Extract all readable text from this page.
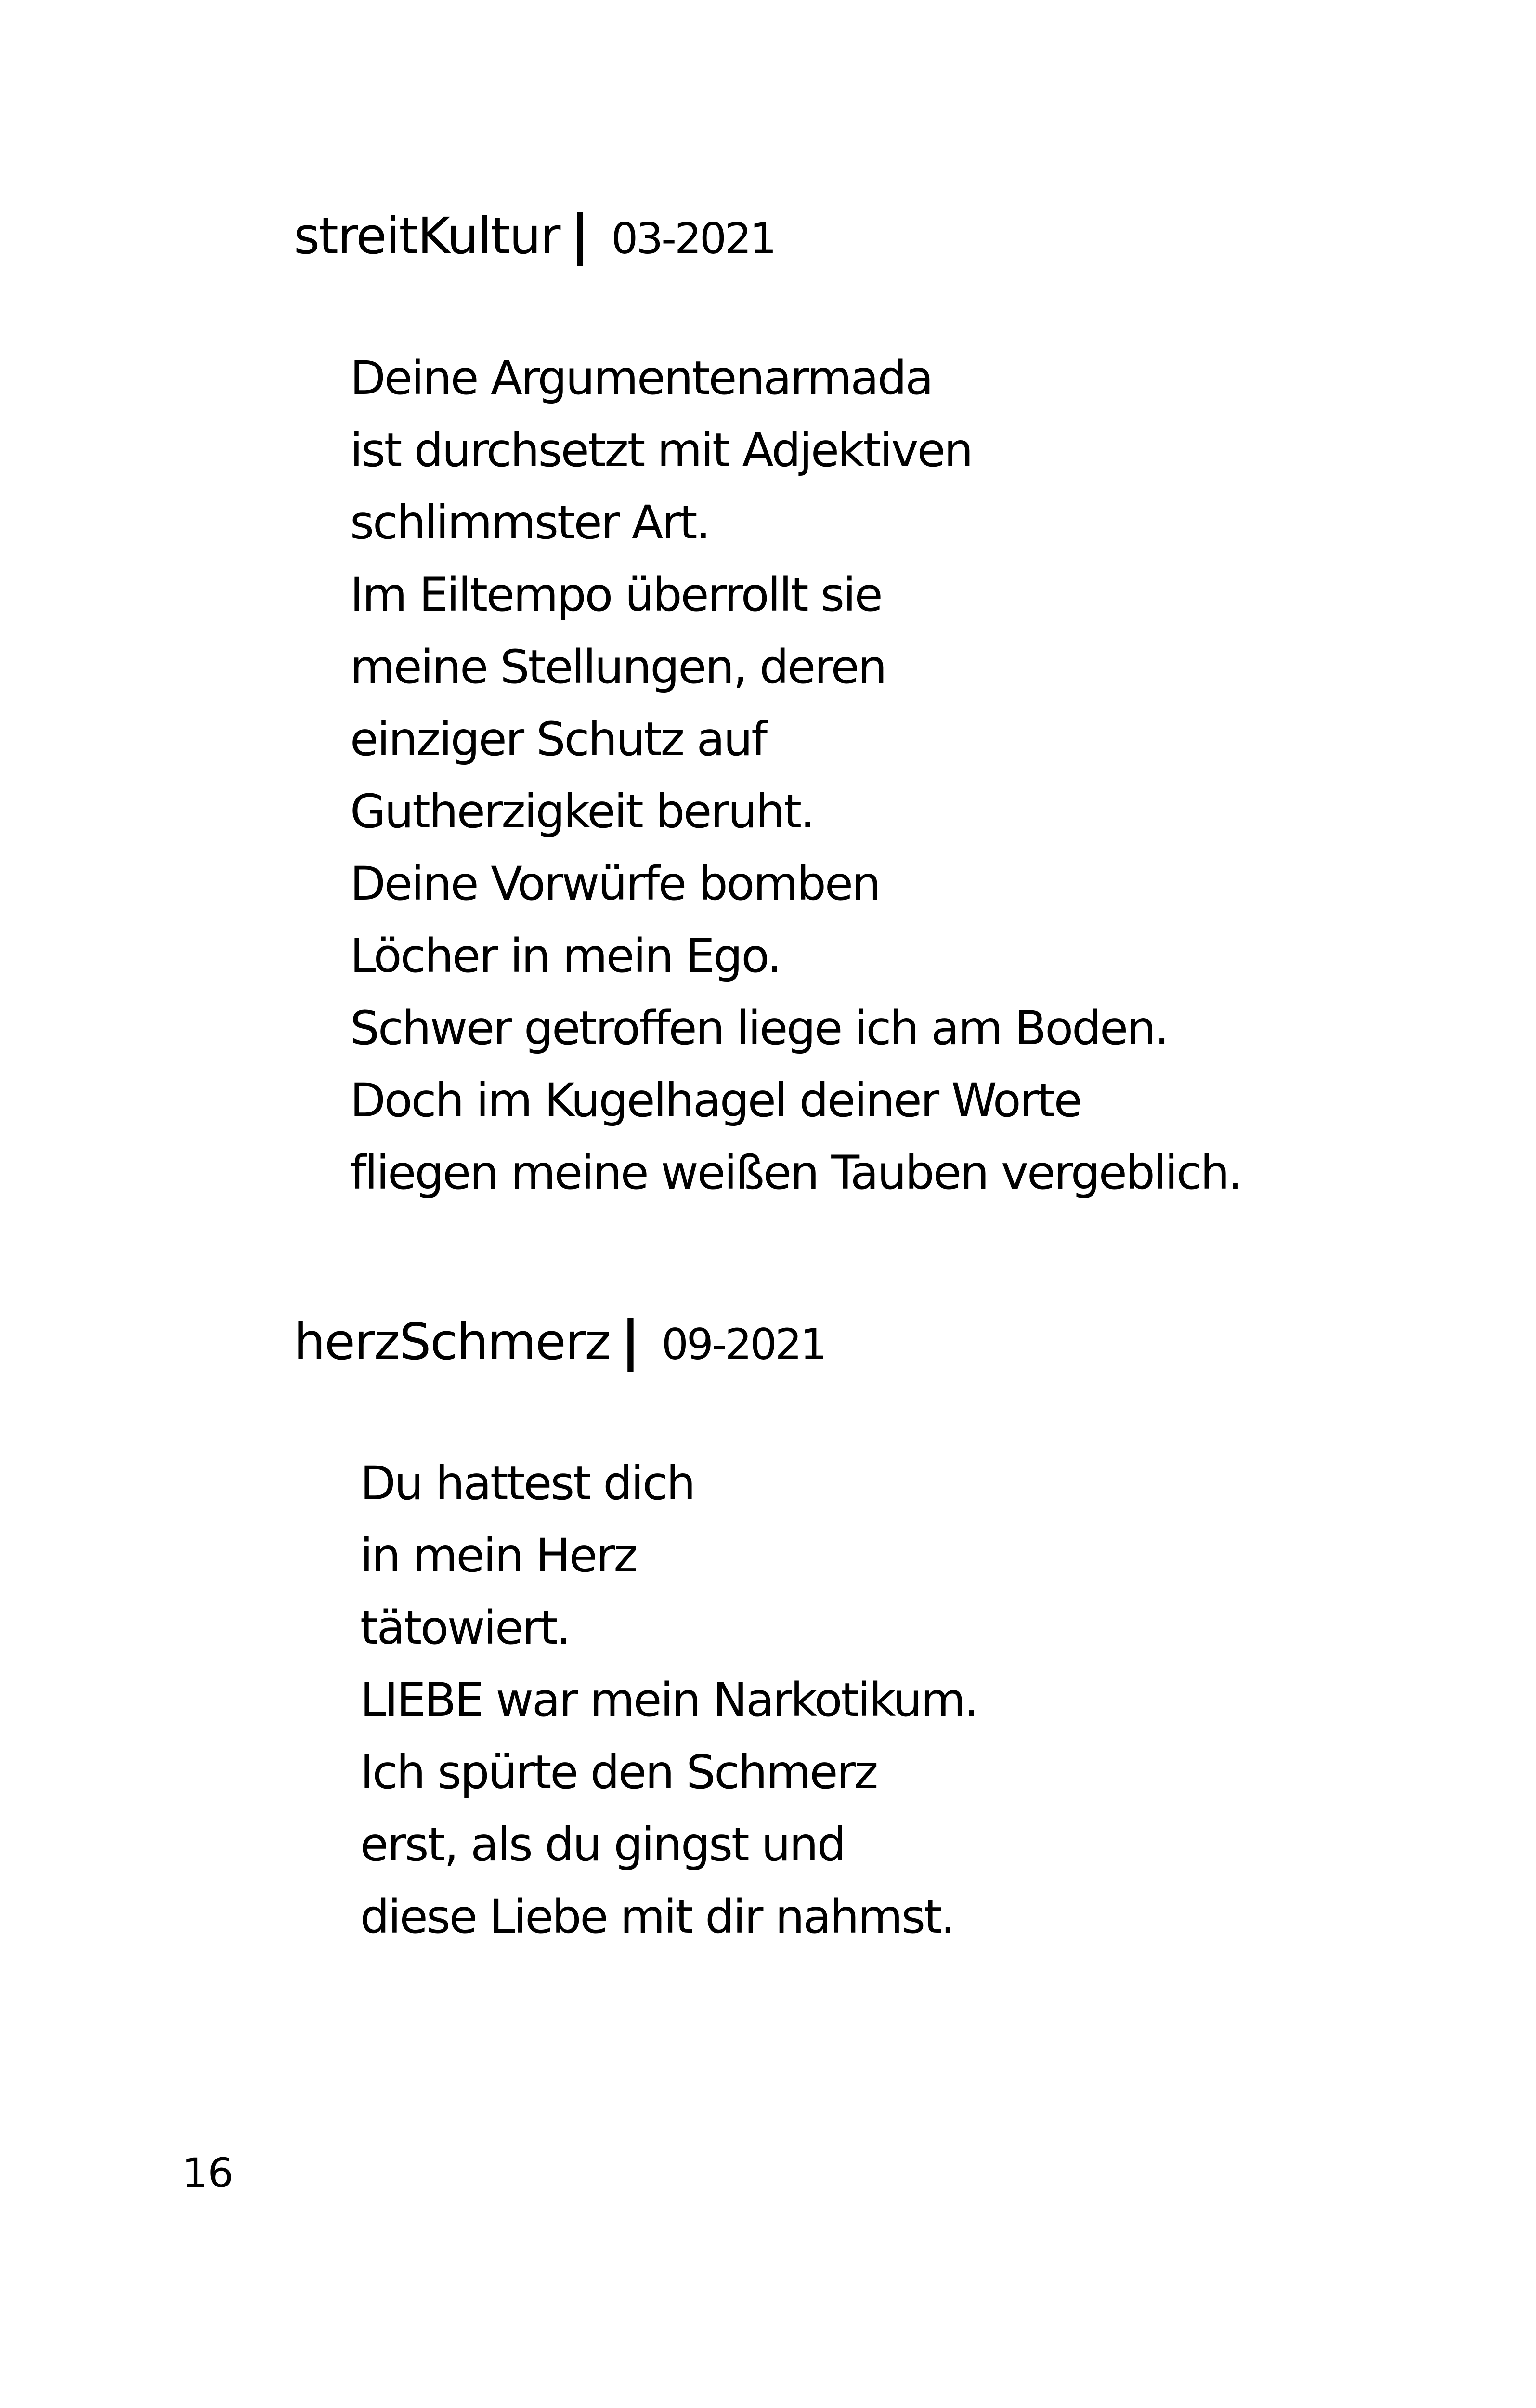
streitKultur | 03-2021
Deine Argumentenarmada
ist durchsetzt mit Adjektiven
schlimmster Art.
Im Eiltempo überrollt sie
meine Stellungen, deren
einziger Schutz auf
Gutherzigkeit beruht.
Deine Vorwürfe bomben
Löcher in mein Ego.
Schwer getroffen liege ich am Boden.
Doch im Kugelhagel deiner Worte
fliegen meine weißen Tauben vergeblich.
herzSchmerz | 09-2021
Du hattest dich
in mein Herz
tätowiert.
LIEBE war mein Narkotikum.
Ich spürte den Schmerz
erst, als du gingst und
diese Liebe mit dir nahmst.
16
